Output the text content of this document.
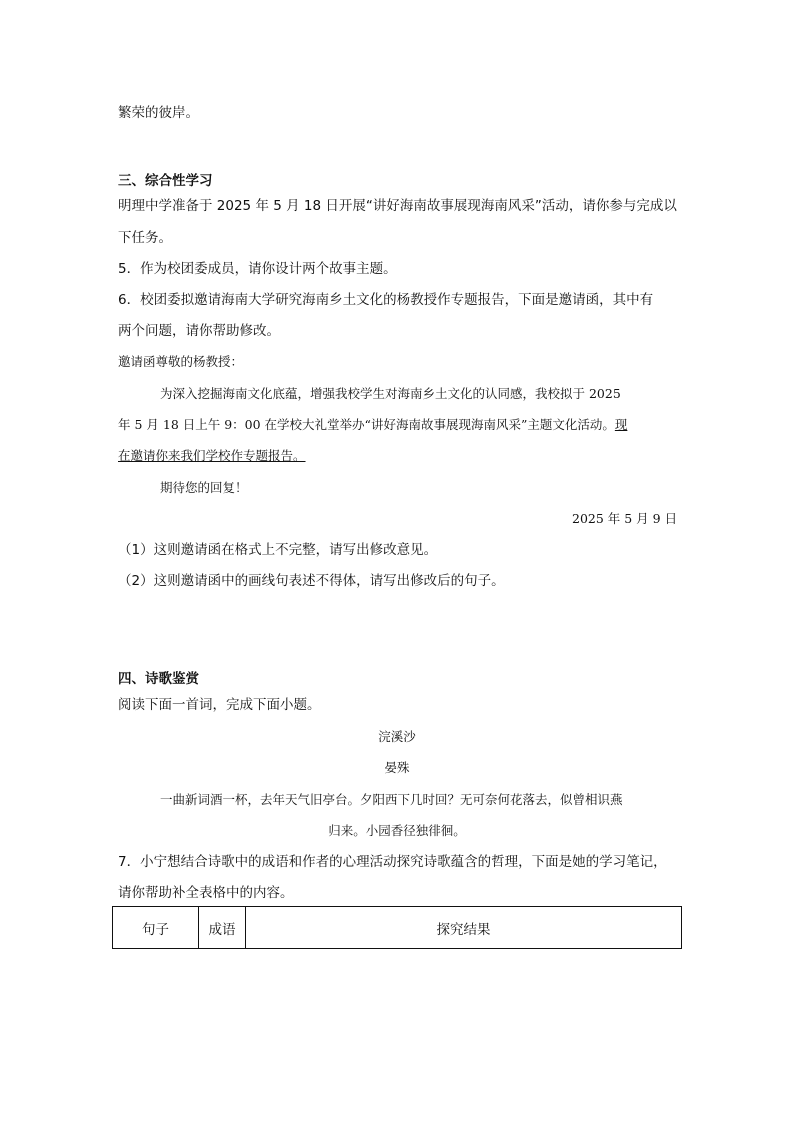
繁荣的彼岸。
三、综合性学习
明理中学准备于 2025 年 5 月 18 日开展“讲好海南故事展现海南风采”活动，请你参与完成以
下任务。
5．作为校团委成员，请你设计两个故事主题。
6．校团委拟邀请海南大学研究海南乡土文化的杨教授作专题报告，下面是邀请函，其中有
两个问题，请你帮助修改。
邀请函尊敬的杨教授：
为深入挖掘海南文化底蕴，增强我校学生对海南乡土文化的认同感，我校拟于 2025
年 5 月 18 日上午 9：00 在学校大礼堂举办“讲好海南故事展现海南风采”主题文化活动。现
在邀请你来我们学校作专题报告。
期待您的回复！
2025 年 5 月 9 日
（1）这则邀请函在格式上不完整，请写出修改意见。
（2）这则邀请函中的画线句表述不得体，请写出修改后的句子。
四、诗歌鉴赏
阅读下面一首词，完成下面小题。
浣溪沙
晏殊
一曲新词酒一杯，去年天气旧亭台。夕阳西下几时回？无可奈何花落去，似曾相识燕
归来。小园香径独徘徊。
7．小宁想结合诗歌中的成语和作者的心理活动探究诗歌蕴含的哲理，下面是她的学习笔记，
请你帮助补全表格中的内容。
句子	成语	探究结果
